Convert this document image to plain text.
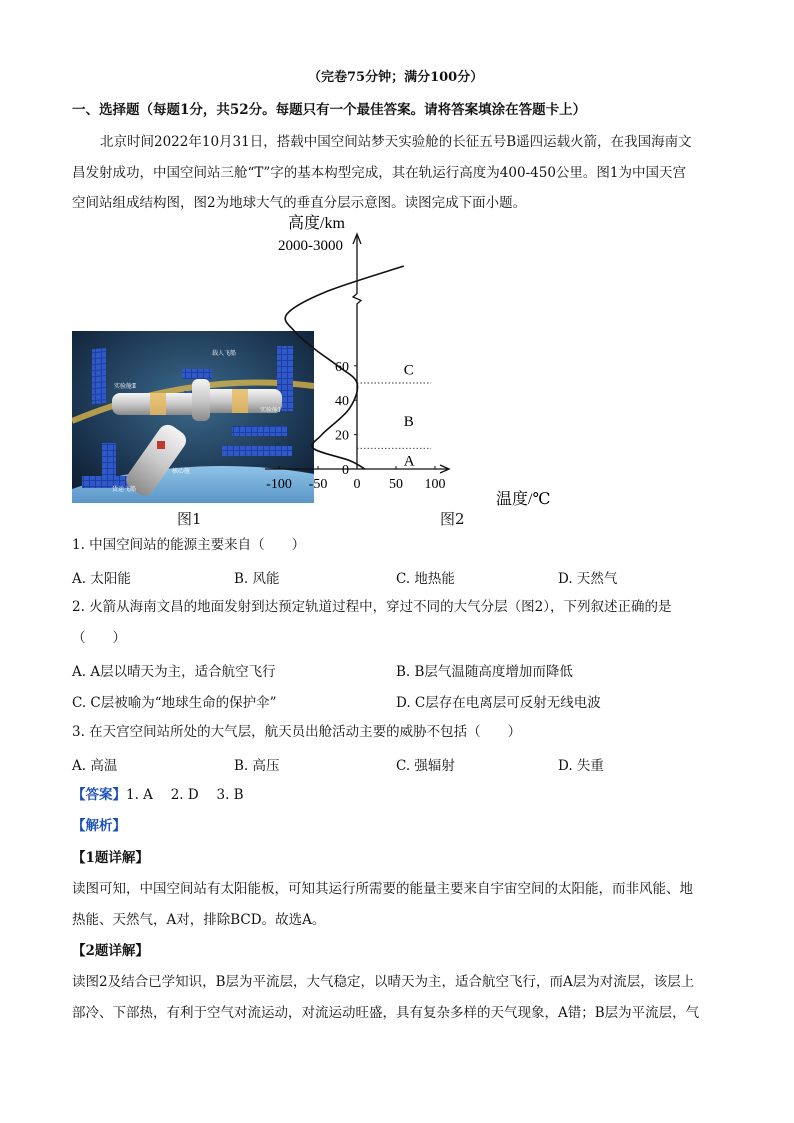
（完卷75分钟；满分100分）
一、选择题（每题1分，共52分。每题只有一个最佳答案。请将答案填涂在答题卡上）
北京时间2022年10月31日，搭载中国空间站梦天实验舱的长征五号B遥四运载火箭，在我国海南文
昌发射成功，中国空间站三舱“T”字的基本构型完成，其在轨运行高度为400-450公里。图1为中国天宫
空间站组成结构图，图2为地球大气的垂直分层示意图。读图完成下面小题。
实验舱Ⅱ
载人飞船
实验舱Ⅰ
核心舱
货运飞船
图1
高度/km
2000-3000
温度/℃
0
20
40
60
-100 -50 0 50 100
C
B
A
图2
1. 中国空间站的能源主要来自（　　）
A. 太阳能	B. 风能	C. 地热能	D. 天然气
2. 火箭从海南文昌的地面发射到达预定轨道过程中，穿过不同的大气分层（图2），下列叙述正确的是
（　　）
A. A层以晴天为主，适合航空飞行	B. B层气温随高度增加而降低
C. C层被喻为“地球生命的保护伞”	D. C层存在电离层可反射无线电波
3. 在天宫空间站所处的大气层，航天员出舱活动主要的威胁不包括（　　）
A. 高温	B. 高压	C. 强辐射	D. 失重
【答案】1. A　 2. D　 3. B
【解析】
【1题详解】
读图可知，中国空间站有太阳能板，可知其运行所需要的能量主要来自宇宙空间的太阳能，而非风能、地
热能、天然气，A对，排除BCD。故选A。
【2题详解】
读图2及结合已学知识，B层为平流层，大气稳定，以晴天为主，适合航空飞行，而A层为对流层，该层上
部冷、下部热，有利于空气对流运动，对流运动旺盛，具有复杂多样的天气现象，A错；B层为平流层，气
